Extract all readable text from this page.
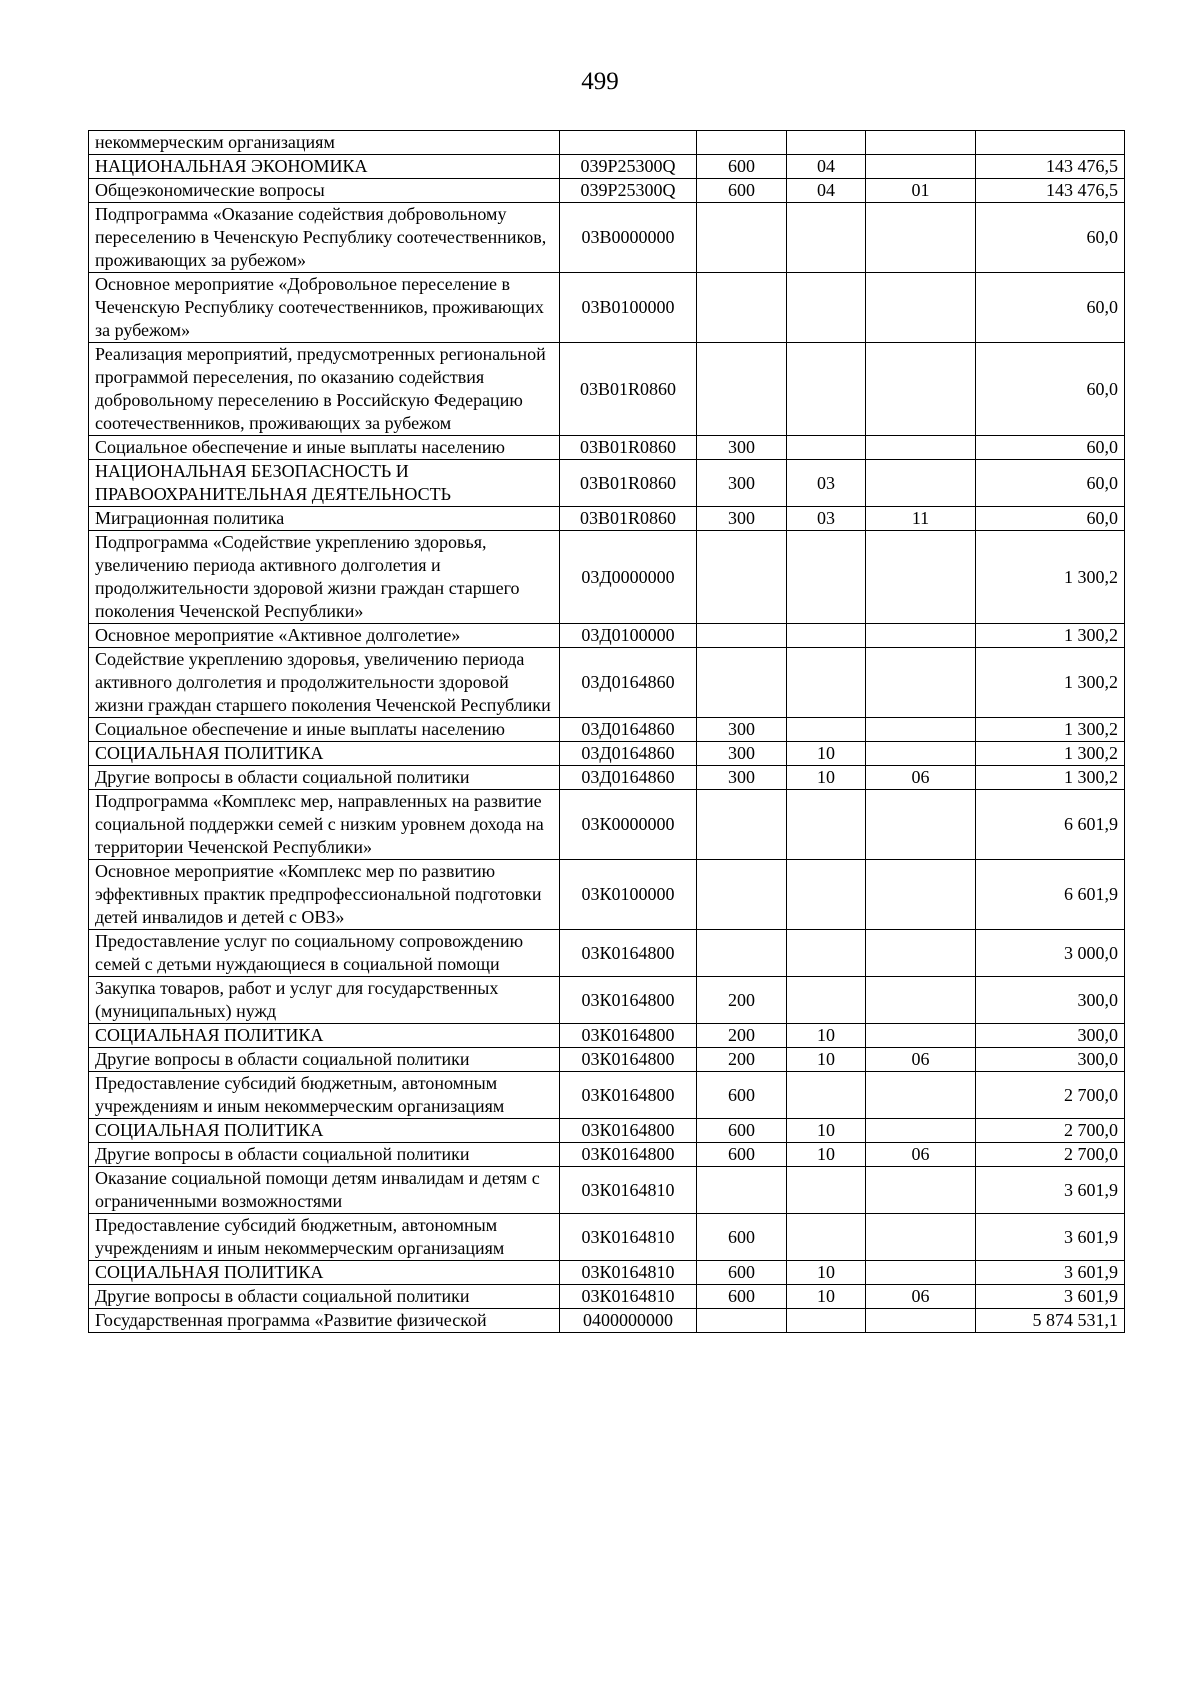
499
некоммерческим организациям					
НАЦИОНАЛЬНАЯ ЭКОНОМИКА	039P25300Q	600	04		143 476,5
Общеэкономические вопросы	039P25300Q	600	04	01	143 476,5
Подпрограмма «Оказание содействия добровольному переселению в Чеченскую Республику соотечественников, проживающих за рубежом»	03В0000000				60,0
Основное мероприятие «Добровольное переселение в Чеченскую Республику соотечественников, проживающих за рубежом»	03В0100000				60,0
Реализация мероприятий, предусмотренных региональной программой переселения, по оказанию содействия добровольному переселению в Российскую Федерацию соотечественников, проживающих за рубежом	03В01R0860				60,0
Социальное обеспечение и иные выплаты населению	03В01R0860	300			60,0
НАЦИОНАЛЬНАЯ БЕЗОПАСНОСТЬ И ПРАВООХРАНИТЕЛЬНАЯ ДЕЯТЕЛЬНОСТЬ	03В01R0860	300	03		60,0
Миграционная политика	03В01R0860	300	03	11	60,0
Подпрограмма «Содействие укреплению здоровья, увеличению периода активного долголетия и продолжительности здоровой жизни граждан старшего поколения Чеченской Республики»	03Д0000000				1 300,2
Основное мероприятие «Активное долголетие»	03Д0100000				1 300,2
Содействие укреплению здоровья, увеличению периода активного долголетия и продолжительности здоровой жизни граждан старшего поколения Чеченской Республики	03Д0164860				1 300,2
Социальное обеспечение и иные выплаты населению	03Д0164860	300			1 300,2
СОЦИАЛЬНАЯ ПОЛИТИКА	03Д0164860	300	10		1 300,2
Другие вопросы в области социальной политики	03Д0164860	300	10	06	1 300,2
Подпрограмма «Комплекс мер, направленных на развитие социальной поддержки семей с низким уровнем дохода на территории Чеченской Республики»	03К0000000				6 601,9
Основное мероприятие «Комплекс мер по развитию эффективных практик предпрофессиональной подготовки детей инвалидов и детей с ОВЗ»	03К0100000				6 601,9
Предоставление услуг по социальному сопровождению семей с детьми нуждающиеся в социальной помощи	03К0164800				3 000,0
Закупка товаров, работ и услуг для государственных (муниципальных) нужд	03К0164800	200			300,0
СОЦИАЛЬНАЯ ПОЛИТИКА	03К0164800	200	10		300,0
Другие вопросы в области социальной политики	03К0164800	200	10	06	300,0
Предоставление субсидий бюджетным, автономным учреждениям и иным некоммерческим организациям	03К0164800	600			2 700,0
СОЦИАЛЬНАЯ ПОЛИТИКА	03К0164800	600	10		2 700,0
Другие вопросы в области социальной политики	03К0164800	600	10	06	2 700,0
Оказание социальной помощи детям инвалидам и детям с ограниченными возможностями	03К0164810				3 601,9
Предоставление субсидий бюджетным, автономным учреждениям и иным некоммерческим организациям	03К0164810	600			3 601,9
СОЦИАЛЬНАЯ ПОЛИТИКА	03К0164810	600	10		3 601,9
Другие вопросы в области социальной политики	03К0164810	600	10	06	3 601,9
Государственная программа «Развитие физической	0400000000				5 874 531,1
